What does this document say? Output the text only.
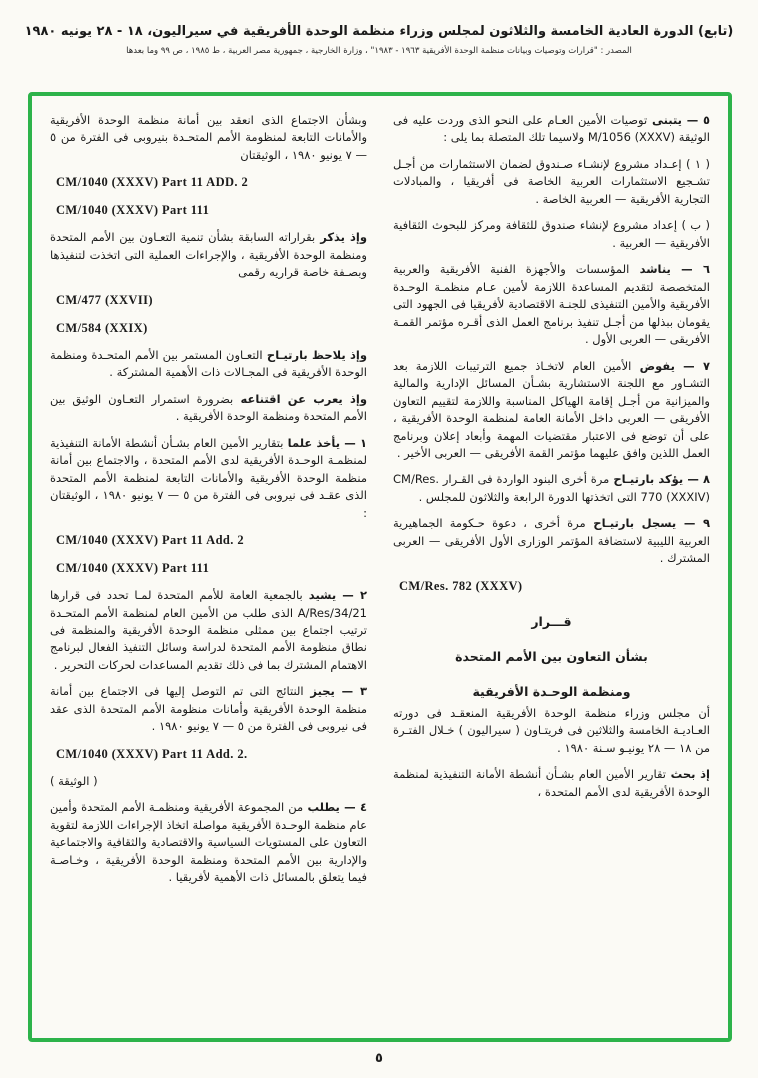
(تابع) الدورة العادية الخامسة والثلاثون لمجلس وزراء منظمة الوحدة الأفريقية في سيراليون، ١٨ - ٢٨ يونيه ١٩٨٠
المصدر : "قرارات وتوصيات وبيانات منظمة الوحدة الأفريقية ١٩٦٣ - ١٩٨٣" ، وزارة الخارجية ، جمهورية مصر العربية ، ط ١٩٨٥ ، ص ٩٩ وما بعدها

٥ — يتبنى توصيات الأمين العـام على النحو الذى وردت عليه فى الوثيقة M/1056 (XXXV) ولاسيما تلك المتصلة بما يلى :

( ١ ) إعـداد مشروع لإنشـاء صـندوق لضمان الاستثمارات من أجـل تشـجيع الاستثمارات العربية الخاصة فى أفريقيا ، والمبادلات التجارية الأفريقية — العربية الخاصة .

( ب ) إعداد مشروع لإنشاء صندوق للثقافة ومركز للبحوث الثقافية الأفريقية — العربية .

٦ — يناشد المؤسسات والأجهزة الفنية الأفريقية والعربية المتخصصة لتقديم المساعدة اللازمة لأمين عـام منظمـة الوحـدة الأفريقية والأمين التنفيذى للجنـة الاقتصادية لأفريقيا فى الجهود التى يقومان ببذلها من أجـل تنفيذ برنامج العمل الذى أقـره مؤتمر القمـة الأفريقى — العربى الأول .

٧ — يفوض الأمين العام لاتخـاذ جميع الترتيبات اللازمة بعد التشـاور مع اللجنة الاستشارية بشـأن المسائل الإدارية والمالية والميزانية من أجـل إقامة الهياكل المناسبة واللازمة لتقييم التعاون الأفريقى — العربى داخل الأمانة العامة لمنظمة الوحدة الأفريقية ، على أن توضع فى الاعتبار مقتضيات المهمة وأبعاد إعلان وبرنامج العمل اللذين وافق عليهما مؤتمر القمة الأفريقى — العربى الأخير .

٨ — يؤكد بارتيـاح مرة أخرى البنود الواردة فى القـرار CM/Res. 770 (XXXIV) التى اتخذتها الدورة الرابعة والثلاثون للمجلس .

٩ — يسجل بارتيـاح مرة أخرى ، دعوة حـكومة الجماهيرية العربية الليبية لاستضافة المؤتمر الوزارى الأول الأفريقى — العربى المشترك .

CM/Res. 782 (XXXV)
قـــرار
بشأن التعاون بين الأمم المتحدة
ومنظمة الوحـدة الأفريقية

أن مجلس وزراء منظمة الوحدة الأفريقية المنعقـد فى دورته العـاديـة الخامسة والثلاثين فى فريتـاون ( سيراليون ) خـلال الفتـرة من ١٨ — ٢٨ يونيـو سـنة ١٩٨٠ .

إذ بحث تقارير الأمين العام بشـأن أنشطة الأمانة التنفيذية لمنظمة الوحدة الأفريقية لدى الأمم المتحدة ،

وبشأن الاجتماع الذى انعقد بين أمانة منظمة الوحدة الأفريقية والأمانات التابعة لمنظومة الأمم المتحـدة بنيروبى فى الفترة من ٥ — ٧ يونيو ١٩٨٠ ، الوثيقتان

CM/1040 (XXXV) Part 11 ADD. 2
CM/1040 (XXXV) Part 111

وإذ يذكر بقراراته السابقة بشأن تنمية التعـاون بين الأمم المتحدة ومنظمة الوحدة الأفريقية ، والإجراءات العملية التى اتخذت لتنفيذها وبصـفة خاصة قراريه رقمى

CM/477 (XXVII)
CM/584 (XXIX)

وإذ يلاحظ بارتيـاح التعـاون المستمر بين الأمم المتحـدة ومنظمة الوحدة الأفريقية فى المجـالات ذات الأهمية المشتركة .

وإذ يعرب عن اقتناعه بضرورة استمرار التعـاون الوثيق بين الأمم المتحدة ومنظمة الوحدة الأفريقية .

١ — يأخذ علما بتقارير الأمين العام بشـأن أنشطة الأمانة التنفيذية لمنظمـة الوحـدة الأفريقية لدى الأمم المتحدة ، والاجتماع بين أمانة منظمة الوحدة الأفريقية والأمانات التابعة لمنظمة الأمم المتحدة الذى عقـد فى نيروبى فى الفترة من ٥ — ٧ يونيو ١٩٨٠ ، الوثيقتان :

CM/1040 (XXXV) Part 11 Add. 2
CM/1040 (XXXV) Part 111

٢ — يشيد بالجمعية العامة للأمم المتحدة لمـا تحدد فى قرارها A/Res/34/21 الذى طلب من الأمين العام لمنظمة الأمم المتحـدة ترتيب اجتماع بين ممثلى منظمة الوحدة الأفريقية والمنظمة فى نطاق منظومة الأمم المتحدة لدراسة وسائل التنفيذ الفعال لبرنامج الاهتمام المشترك بما فى ذلك تقديم المساعدات لحركات التحرير .

٣ — يجيز النتائج التى تم التوصل إليها فى الاجتماع بين أمانة منظمة الوحدة الأفريقية وأمانات منظومة الأمم المتحدة الذى عقد فى نيروبى فى الفترة من ٥ — ٧ يونيو ١٩٨٠ .

CM/1040 (XXXV) Part 11 Add. 2.

( الوثيقة )

٤ — يطلب من المجموعة الأفريقية ومنظمـة الأمم المتحدة وأمين عام منظمة الوحـدة الأفريقية مواصلة اتخاذ الإجراءات اللازمة لتقوية التعاون على المستويات السياسية والاقتصادية والثقافية والاجتماعية والإدارية بين الأمم المتحدة ومنظمة الوحدة الأفريقية ، وخـاصـة فيما يتعلق بالمسائل ذات الأهمية لأفريقيا .

٥
